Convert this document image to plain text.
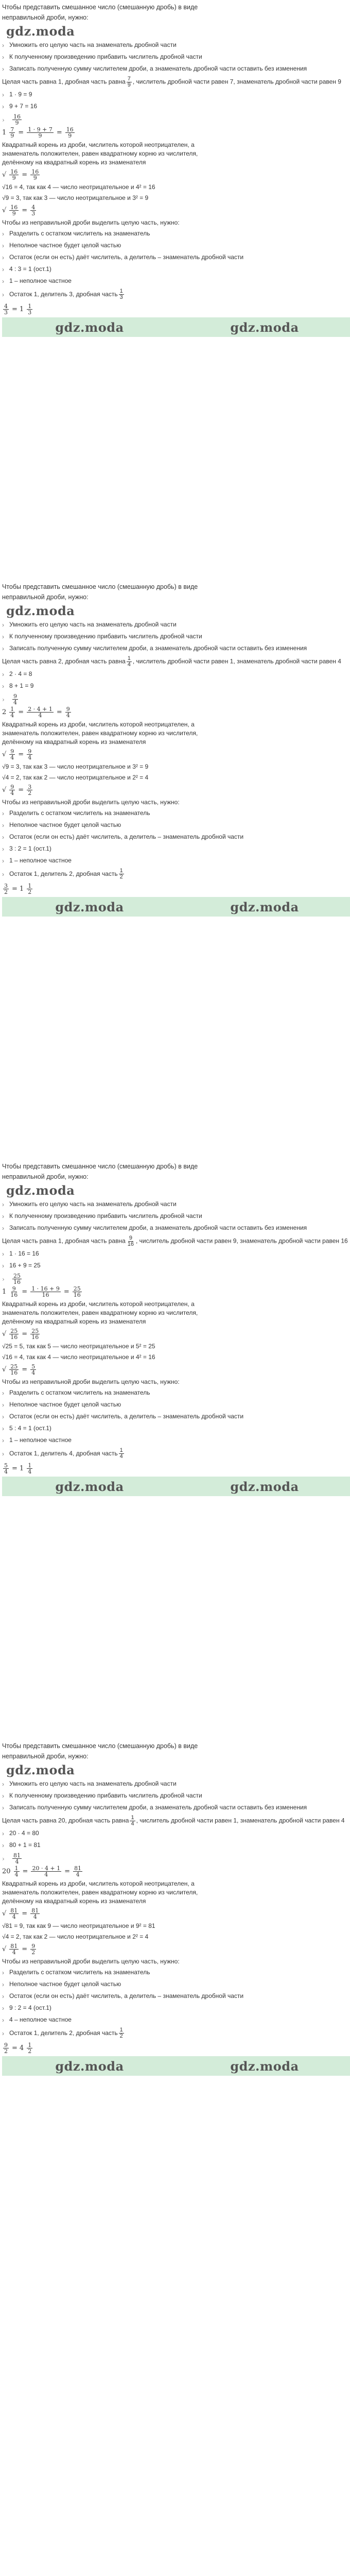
Чтобы представить смешанное число (смешанную дробь) в виде неправильной дроби, нужно:

gdz.moda
› Умножить его целую часть на знаменатель дробной части
› К полученному произведению прибавить числитель дробной части
› Записать полученную сумму числителем дроби, а знаменатель дробной части оставить без изменения
Целая часть равна 1, дробная часть равна $\frac{7}{9}$ , числитель дробной части равен 7, знаменатель дробной части равен 9
› 1 · 9 = 9
› 9 + 7 = 16
›	$\frac{16}{9}$
$1 \frac{7}{9} = \frac{1 \cdot 9 + 7}{9} = \frac{16}{9}$

Квадратный корень из дроби, числитель которой неотрицателен, а знаменатель положителен, равен квадратному корню из числителя, делённому на квадратный корень из знаменателя

√ $\frac{16}{9} = \frac{16}{9}$

√16 = 4, так как 4 — число неотрицательное и 4² = 16

√9 = 3, так как 3 — число неотрицательное и 3² = 9

√ $\frac{16}{9} = \frac{4}{3}$

Чтобы из неправильной дроби выделить целую часть, нужно:

› Разделить с остатком числитель на знаменатель
› Неполное частное будет целой частью
› Остаток (если он есть) даёт числитель, а делитель – знаменатель дробной части
› 4 : 3 = 1 (ост.1)
› 1 – неполное частное
› Остаток 1, делитель 3, дробная часть $\frac{1}{3}$
$\frac{4}{3} = 1 \frac{1}{3}$
gdz.moda	gdz.moda

Чтобы представить смешанное число (смешанную дробь) в виде неправильной дроби, нужно:

gdz.moda
› Умножить его целую часть на знаменатель дробной части
› К полученному произведению прибавить числитель дробной части
› Записать полученную сумму числителем дроби, а знаменатель дробной части оставить без изменения
Целая часть равна 2, дробная часть равна $\frac{1}{4}$ , числитель дробной части равен 1, знаменатель дробной части равен 4
› 2 · 4 = 8
› 8 + 1 = 9
›	$\frac{9}{4}$
$2 \frac{1}{4} = \frac{2 \cdot 4 + 1}{4} = \frac{9}{4}$

Квадратный корень из дроби, числитель которой неотрицателен, а знаменатель положителен, равен квадратному корню из числителя, делённому на квадратный корень из знаменателя

√ $\frac{9}{4} = \frac{9}{4}$

√9 = 3, так как 3 — число неотрицательное и 3² = 9

√4 = 2, так как 2 — число неотрицательное и 2² = 4

√ $\frac{9}{4} = \frac{3}{2}$

Чтобы из неправильной дроби выделить целую часть, нужно:

› Разделить с остатком числитель на знаменатель
› Неполное частное будет целой частью
› Остаток (если он есть) даёт числитель, а делитель – знаменатель дробной части
› 3 : 2 = 1 (ост.1)
› 1 – неполное частное
› Остаток 1, делитель 2, дробная часть $\frac{1}{2}$
$\frac{3}{2} = 1 \frac{1}{2}$
gdz.moda	gdz.moda

Чтобы представить смешанное число (смешанную дробь) в виде неправильной дроби, нужно:

gdz.moda
› Умножить его целую часть на знаменатель дробной части
› К полученному произведению прибавить числитель дробной части
› Записать полученную сумму числителем дроби, а знаменатель дробной части оставить без изменения
Целая часть равна 1, дробная часть равна $\frac{9}{16}$ , числитель дробной части равен 9, знаменатель дробной части равен 16
› 1 · 16 = 16
› 16 + 9 = 25
›	$\frac{25}{16}$
$1 \frac{9}{16} = \frac{1 \cdot 16 + 9}{16} = \frac{25}{16}$

Квадратный корень из дроби, числитель которой неотрицателен, а знаменатель положителен, равен квадратному корню из числителя, делённому на квадратный корень из знаменателя

√ $\frac{25}{16} = \frac{25}{16}$

√25 = 5, так как 5 — число неотрицательное и 5² = 25

√16 = 4, так как 4 — число неотрицательное и 4² = 16

√ $\frac{25}{16} = \frac{5}{4}$

Чтобы из неправильной дроби выделить целую часть, нужно:

› Разделить с остатком числитель на знаменатель
› Неполное частное будет целой частью
› Остаток (если он есть) даёт числитель, а делитель – знаменатель дробной части
› 5 : 4 = 1 (ост.1)
› 1 – неполное частное
› Остаток 1, делитель 4, дробная часть $\frac{1}{4}$
$\frac{5}{4} = 1 \frac{1}{4}$
gdz.moda	gdz.moda

Чтобы представить смешанное число (смешанную дробь) в виде неправильной дроби, нужно:

gdz.moda
› Умножить его целую часть на знаменатель дробной части
› К полученному произведению прибавить числитель дробной части
› Записать полученную сумму числителем дроби, а знаменатель дробной части оставить без изменения
Целая часть равна 20, дробная часть равна $\frac{1}{4}$ , числитель дробной части равен 1, знаменатель дробной части равен 4
› 20 · 4 = 80
› 80 + 1 = 81
›	$\frac{81}{4}$
$20 \frac{1}{4} = \frac{20 \cdot 4 + 1}{4} = \frac{81}{4}$

Квадратный корень из дроби, числитель которой неотрицателен, а знаменатель положителен, равен квадратному корню из числителя, делённому на квадратный корень из знаменателя

√ $\frac{81}{4} = \frac{81}{4}$

√81 = 9, так как 9 — число неотрицательное и 9² = 81

√4 = 2, так как 2 — число неотрицательное и 2² = 4

√ $\frac{81}{4} = \frac{9}{2}$

Чтобы из неправильной дроби выделить целую часть, нужно:

› Разделить с остатком числитель на знаменатель
› Неполное частное будет целой частью
› Остаток (если он есть) даёт числитель, а делитель – знаменатель дробной части
› 9 : 2 = 4 (ост.1)
› 4 – неполное частное
› Остаток 1, делитель 2, дробная часть $\frac{1}{2}$
$\frac{9}{2} = 4 \frac{1}{2}$
gdz.moda	gdz.moda
